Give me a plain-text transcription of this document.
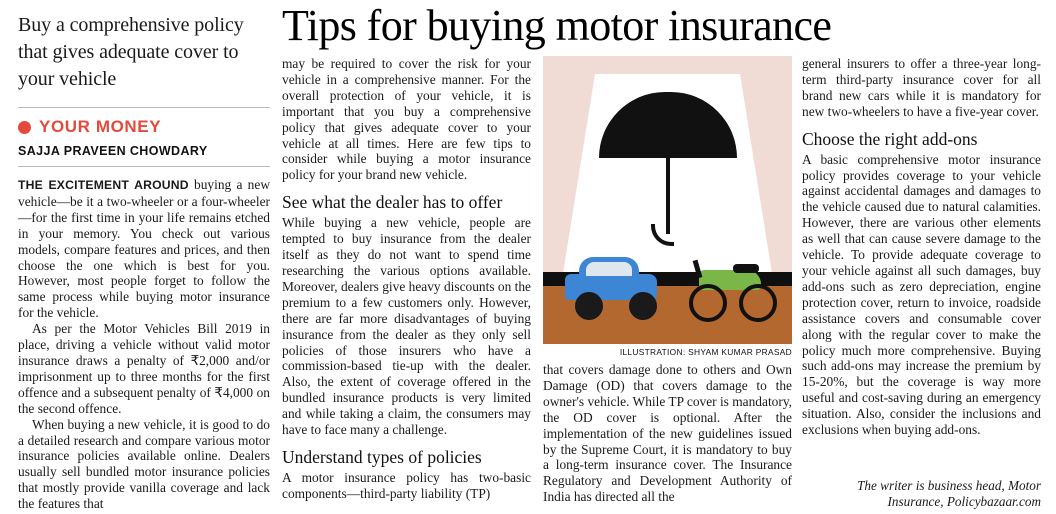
Buy a comprehensive policy that gives adequate cover to your vehicle
YOUR MONEY
SAJJA PRAVEEN CHOWDARY

THE EXCITEMENT AROUND buying a new vehicle—be it a two-wheeler or a four-wheeler—for the first time in your life remains etched in your memory. You check out various models, compare features and prices, and then choose the one which is best for you. However, most people forget to follow the same process while buying motor insurance for the vehicle.

As per the Motor Vehicles Bill 2019 in place, driving a vehicle without valid motor insurance draws a penalty of ₹2,000 and/or imprisonment up to three months for the first offence and a subsequent penalty of ₹4,000 on the second offence.

When buying a new vehicle, it is good to do a detailed research and compare various motor insurance policies available online. Dealers usually sell bundled motor insurance policies that mostly provide vanilla coverage and lack the features that

Tips for buying motor insurance

may be required to cover the risk for your vehicle in a comprehensive manner. For the overall protection of your vehicle, it is important that you buy a comprehensive policy that gives adequate cover to your vehicle at all times. Here are few tips to consider while buying a motor insurance policy for your brand new vehicle.

See what the dealer has to offer

While buying a new vehicle, people are tempted to buy insurance from the dealer itself as they do not want to spend time researching the various options available. Moreover, dealers give heavy discounts on the premium to a few customers only. However, there are far more disadvantages of buying insurance from the dealer as they only sell policies of those insurers who have a commission-based tie-up with the dealer. Also, the extent of coverage offered in the bundled insurance products is very limited and while taking a claim, the consumers may have to face many a challenge.

Understand types of policies

A motor insurance policy has two-basic components—third-party liability (TP)

ILLUSTRATION: SHYAM KUMAR PRASAD

that covers damage done to others and Own Damage (OD) that covers damage to the owner's vehicle. While TP cover is mandatory, the OD cover is optional. After the implementation of the new guidelines issued by the Supreme Court, it is mandatory to buy a long-term insurance cover. The Insurance Regulatory and Development Authority of India has directed all the

general insurers to offer a three-year long-term third-party insurance cover for all brand new cars while it is mandatory for new two-wheelers to have a five-year cover.

Choose the right add-ons

A basic comprehensive motor insurance policy provides coverage to your vehicle against accidental damages and damages to the vehicle caused due to natural calamities. However, there are various other elements as well that can cause severe damage to the vehicle. To provide adequate coverage to your vehicle against all such damages, buy add-ons such as zero depreciation, engine protection cover, return to invoice, roadside assistance covers and consumable cover along with the regular cover to make the policy much more comprehensive. Buying such add-ons may increase the premium by 15-20%, but the coverage is way more useful and cost-saving during an emergency situation. Also, consider the inclusions and exclusions when buying add-ons.

The writer is business head, Motor Insurance, Policybazaar.com
